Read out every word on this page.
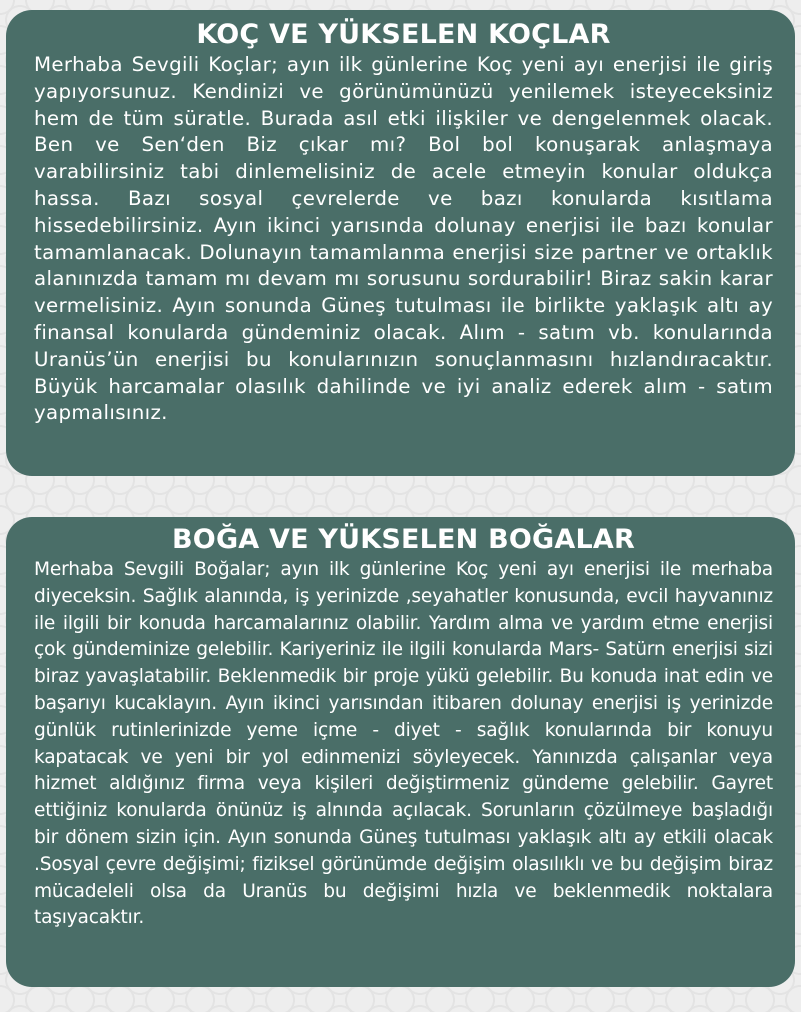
KOÇ VE YÜKSELEN KOÇLAR

Merhaba Sevgili Koçlar; ayın ilk günlerine Koç yeni ayı enerjisi ile giriş yapıyorsunuz. Kendinizi ve görünümünüzü yenilemek isteyeceksiniz hem de tüm süratle. Burada asıl etki ilişkiler ve dengelenmek olacak. Ben ve Sen‘den Biz çıkar mı? Bol bol konuşarak anlaşmaya varabilirsiniz tabi dinlemelisiniz de acele etmeyin konular oldukça hassa. Bazı sosyal çevrelerde ve bazı konularda kısıtlama hissedebilirsiniz. Ayın ikinci yarısında dolunay enerjisi ile bazı konular tamamlanacak. Dolunayın tamamlanma enerjisi size partner ve ortaklık alanınızda tamam mı devam mı sorusunu sordurabilir! Biraz sakin karar vermelisiniz. Ayın sonunda Güneş tutulması ile birlikte yaklaşık altı ay finansal konularda gündeminiz olacak. Alım - satım vb. konularında Uranüs’ün enerjisi bu konularınızın sonuçlanmasını hızlandıracaktır. Büyük harcamalar olasılık dahilinde ve iyi analiz ederek alım - satım yapmalısınız.

BOĞA VE YÜKSELEN BOĞALAR

Merhaba Sevgili Boğalar; ayın ilk günlerine Koç yeni ayı enerjisi ile merhaba diyeceksin. Sağlık alanında, iş yerinizde ,seyahatler konusunda, evcil hayvanınız ile ilgili bir konuda harcamalarınız olabilir. Yardım alma ve yardım etme enerjisi çok gündeminize gelebilir. Kariyeriniz ile ilgili konularda Mars- Satürn enerjisi sizi biraz yavaşlatabilir. Beklenmedik bir proje yükü gelebilir. Bu konuda inat edin ve başarıyı kucaklayın. Ayın ikinci yarısından itibaren dolunay enerjisi iş yerinizde günlük rutinlerinizde yeme içme - diyet - sağlık konularında bir konuyu kapatacak ve yeni bir yol edinmenizi söyleyecek. Yanınızda çalışanlar veya hizmet aldığınız firma veya kişileri değiştirmeniz gündeme gelebilir. Gayret ettiğiniz konularda önünüz iş alnında açılacak. Sorunların çözülmeye başladığı bir dönem sizin için. Ayın sonunda Güneş tutulması yaklaşık altı ay etkili olacak .Sosyal çevre değişimi; fiziksel görünümde değişim olasılıklı ve bu değişim biraz mücadeleli olsa da Uranüs bu değişimi hızla ve beklenmedik noktalara taşıyacaktır.
